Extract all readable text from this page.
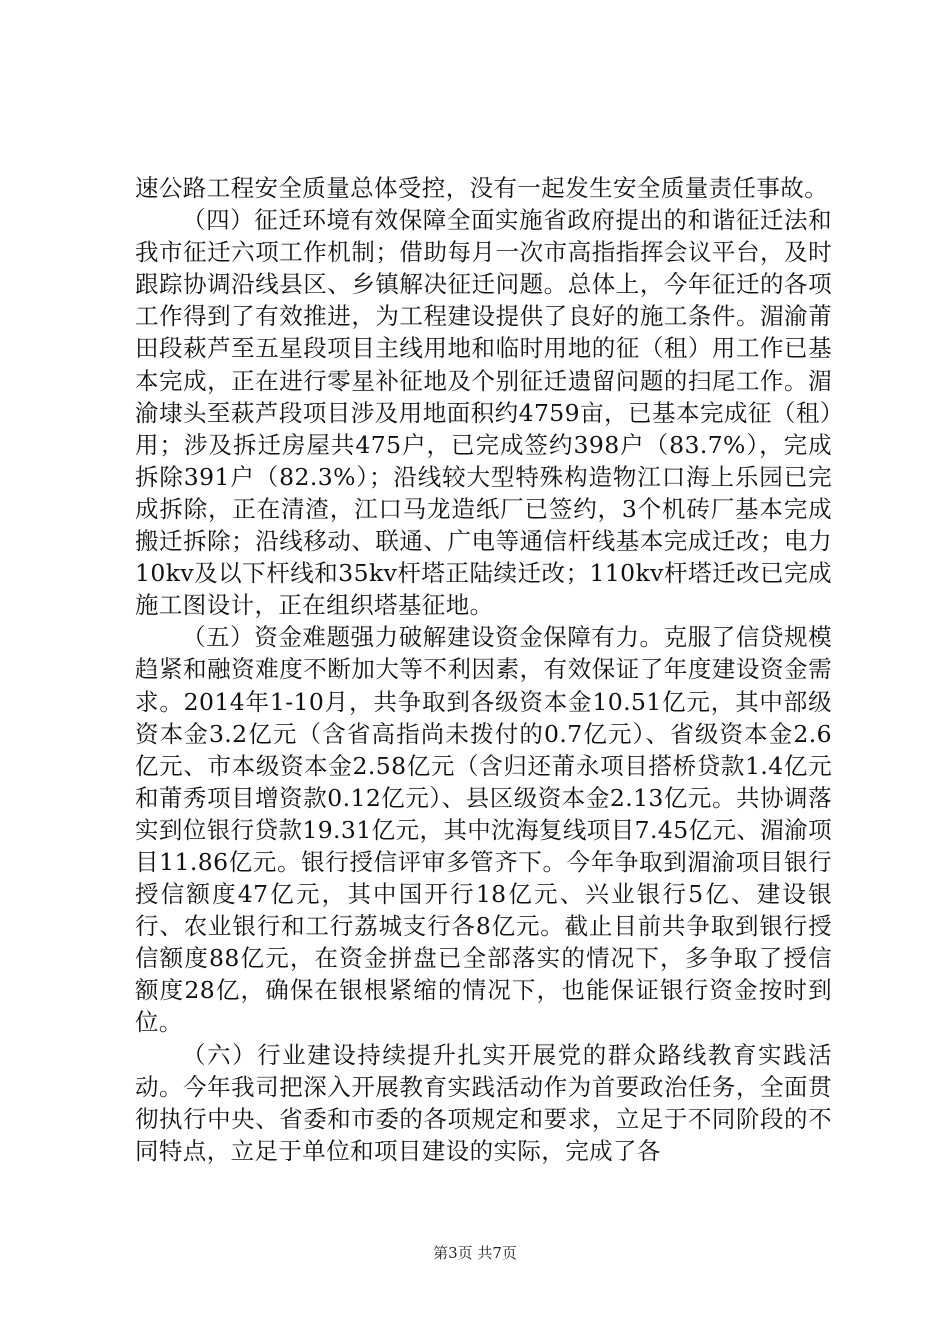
速公路工程安全质量总体受控，没有一起发生安全质量责任事故。

（四）征迁环境有效保障全面实施省政府提出的和谐征迁法和我市征迁六项工作机制；借助每月一次市高指指挥会议平台，及时跟踪协调沿线县区、乡镇解决征迁问题。总体上，今年征迁的各项工作得到了有效推进，为工程建设提供了良好的施工条件。湄渝莆田段萩芦至五星段项目主线用地和临时用地的征（租）用工作已基本完成，正在进行零星补征地及个别征迁遗留问题的扫尾工作。湄渝埭头至萩芦段项目涉及用地面积约4759亩，已基本完成征（租）用；涉及拆迁房屋共475户，已完成签约398户（83.7%），完成拆除391户（82.3%）；沿线较大型特殊构造物江口海上乐园已完成拆除，正在清渣，江口马龙造纸厂已签约，3个机砖厂基本完成搬迁拆除；沿线移动、联通、广电等通信杆线基本完成迁改；电力10kv及以下杆线和35kv杆塔正陆续迁改；110kv杆塔迁改已完成施工图设计，正在组织塔基征地。

（五）资金难题强力破解建设资金保障有力。克服了信贷规模趋紧和融资难度不断加大等不利因素，有效保证了年度建设资金需求。2014年1-10月，共争取到各级资本金10.51亿元，其中部级资本金3.2亿元（含省高指尚未拨付的0.7亿元）、省级资本金2.6亿元、市本级资本金2.58亿元（含归还莆永项目搭桥贷款1.4亿元和莆秀项目增资款0.12亿元）、县区级资本金2.13亿元。共协调落实到位银行贷款19.31亿元，其中沈海复线项目7.45亿元、湄渝项目11.86亿元。银行授信评审多管齐下。今年争取到湄渝项目银行授信额度47亿元，其中国开行18亿元、兴业银行5亿、建设银行、农业银行和工行荔城支行各8亿元。截止目前共争取到银行授信额度88亿元，在资金拼盘已全部落实的情况下，多争取了授信额度28亿，确保在银根紧缩的情况下，也能保证银行资金按时到位。

（六）行业建设持续提升扎实开展党的群众路线教育实践活动。今年我司把深入开展教育实践活动作为首要政治任务，全面贯彻执行中央、省委和市委的各项规定和要求，立足于不同阶段的不同特点，立足于单位和项目建设的实际，完成了各

第3页 共7页
